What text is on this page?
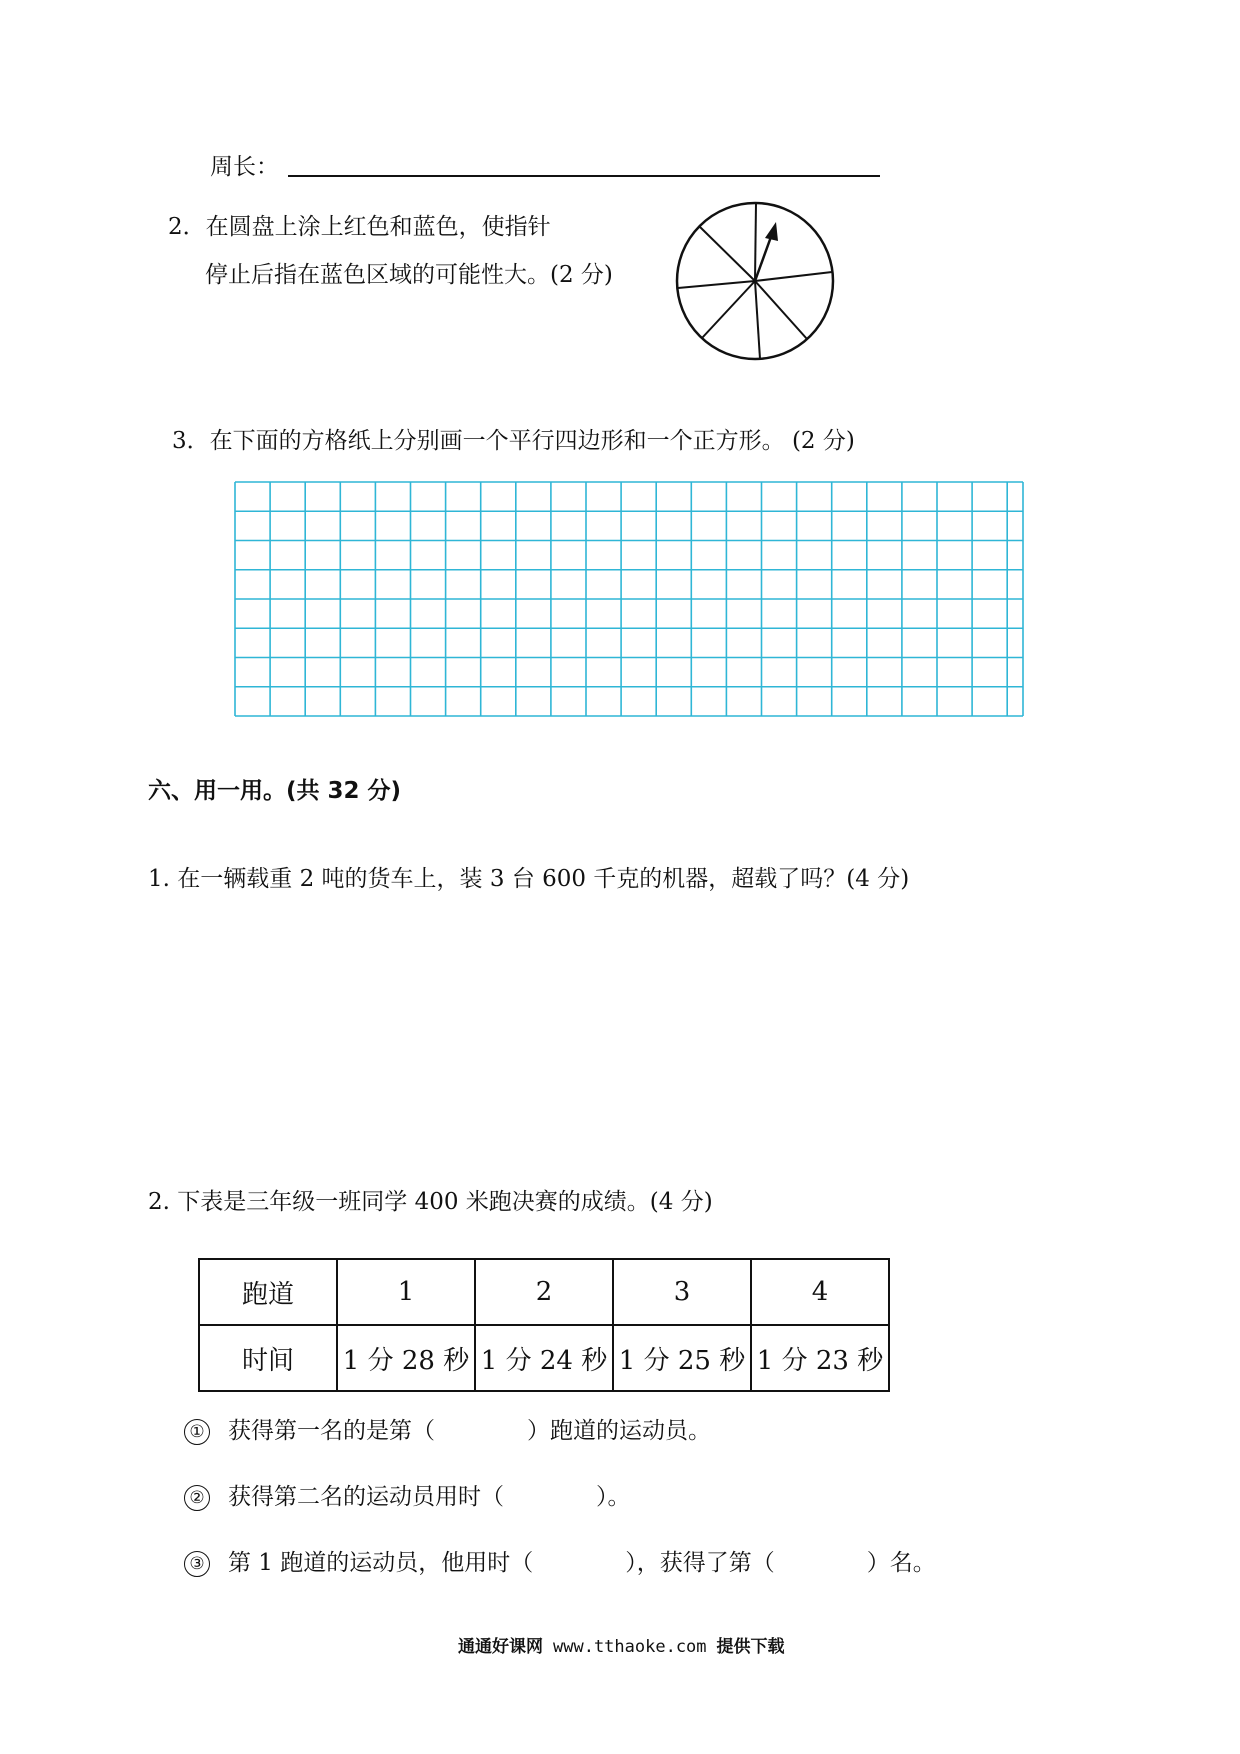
周长：
2．在圆盘上涂上红色和蓝色，使指针
停止后指在蓝色区域的可能性大。(2 分)
3．在下面的方格纸上分别画一个平行四边形和一个正方形。 (2 分)
六、用一用。(共 32 分)
1. 在一辆载重 2 吨的货车上，装 3 台 600 千克的机器，超载了吗？(4 分)
2. 下表是三年级一班同学 400 米跑决赛的成绩。(4 分)
跑道	1	2	3	4
时间	1 分 28 秒	1 分 24 秒	1 分 25 秒	1 分 23 秒
① 获得第一名的是第（　　　　）跑道的运动员。
② 获得第二名的运动员用时（　　　　）。
③ 第 1 跑道的运动员，他用时（　　　　），获得了第（　　　　）名。
通通好课网 www.tthaoke.com 提供下载
